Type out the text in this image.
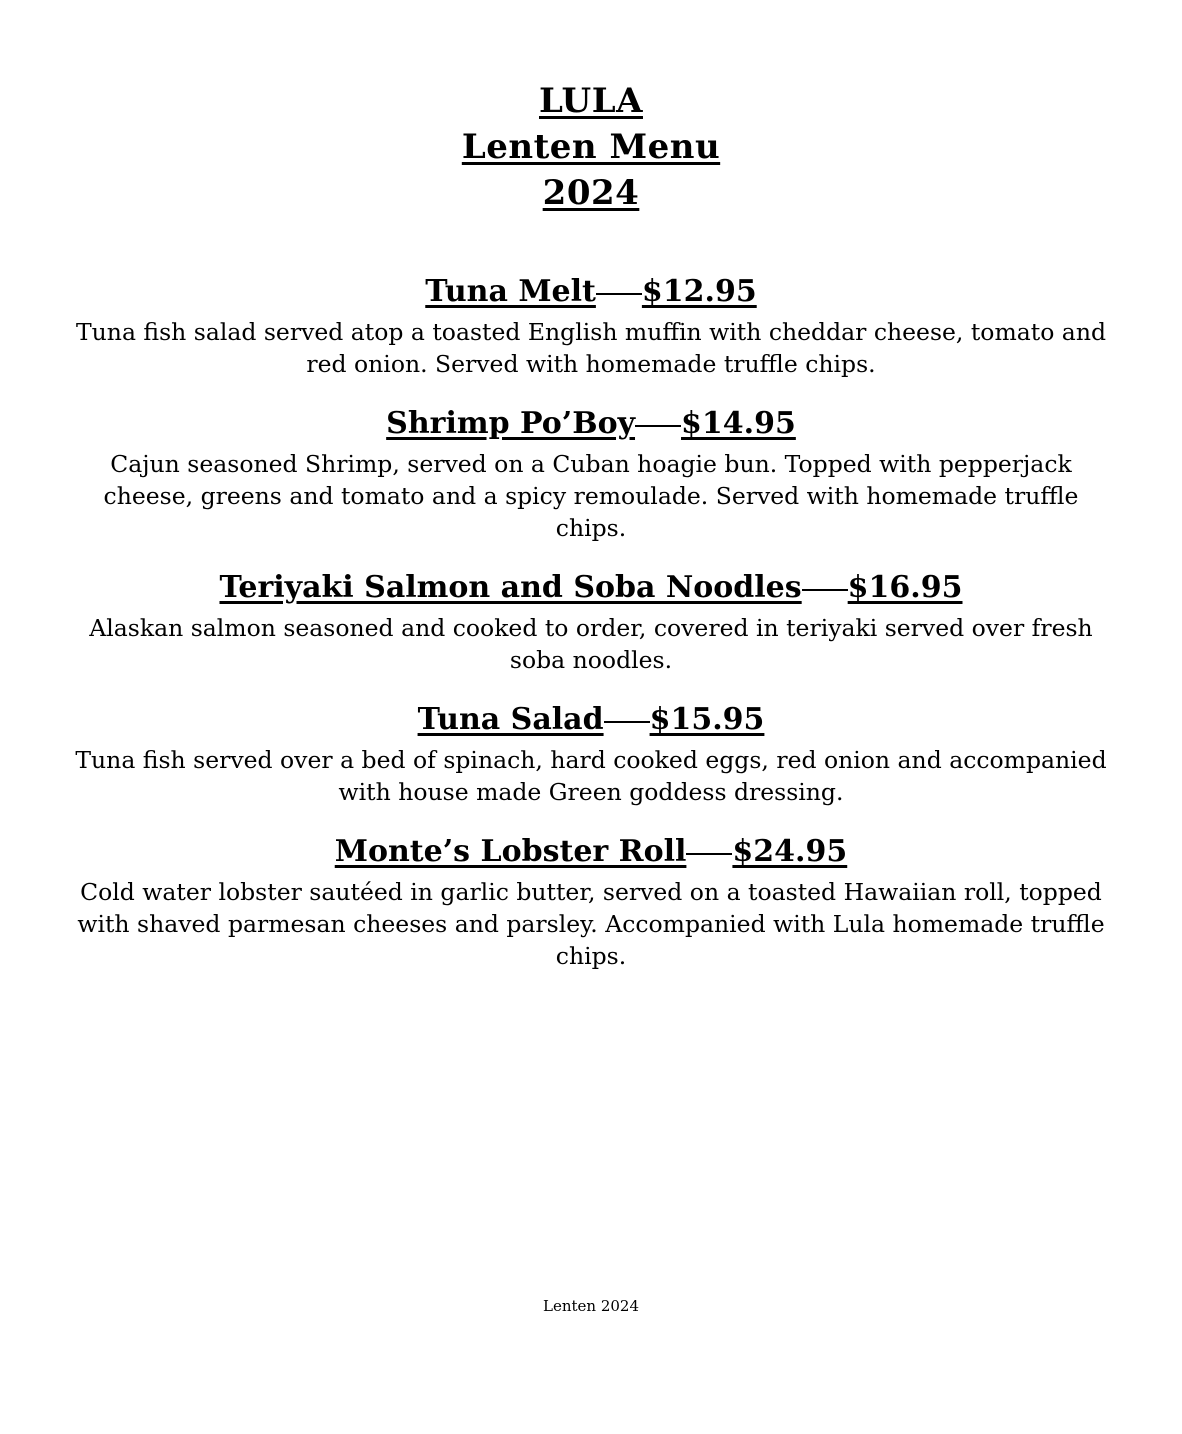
LULA
Lenten Menu
2024
Tuna Melt $12.95
Tuna fish salad served atop a toasted English muffin with cheddar cheese, tomato and red onion. Served with homemade truffle chips.
Shrimp Po’Boy $14.95
Cajun seasoned Shrimp, served on a Cuban hoagie bun. Topped with pepperjack cheese, greens and tomato and a spicy remoulade. Served with homemade truffle chips.
Teriyaki Salmon and Soba Noodles $16.95
Alaskan salmon seasoned and cooked to order, covered in teriyaki served over fresh soba noodles.
Tuna Salad $15.95
Tuna fish served over a bed of spinach, hard cooked eggs, red onion and accompanied with house made Green goddess dressing.
Monte’s Lobster Roll $24.95
Cold water lobster sautéed in garlic butter, served on a toasted Hawaiian roll, topped with shaved parmesan cheeses and parsley. Accompanied with Lula homemade truffle chips.
Lenten 2024
